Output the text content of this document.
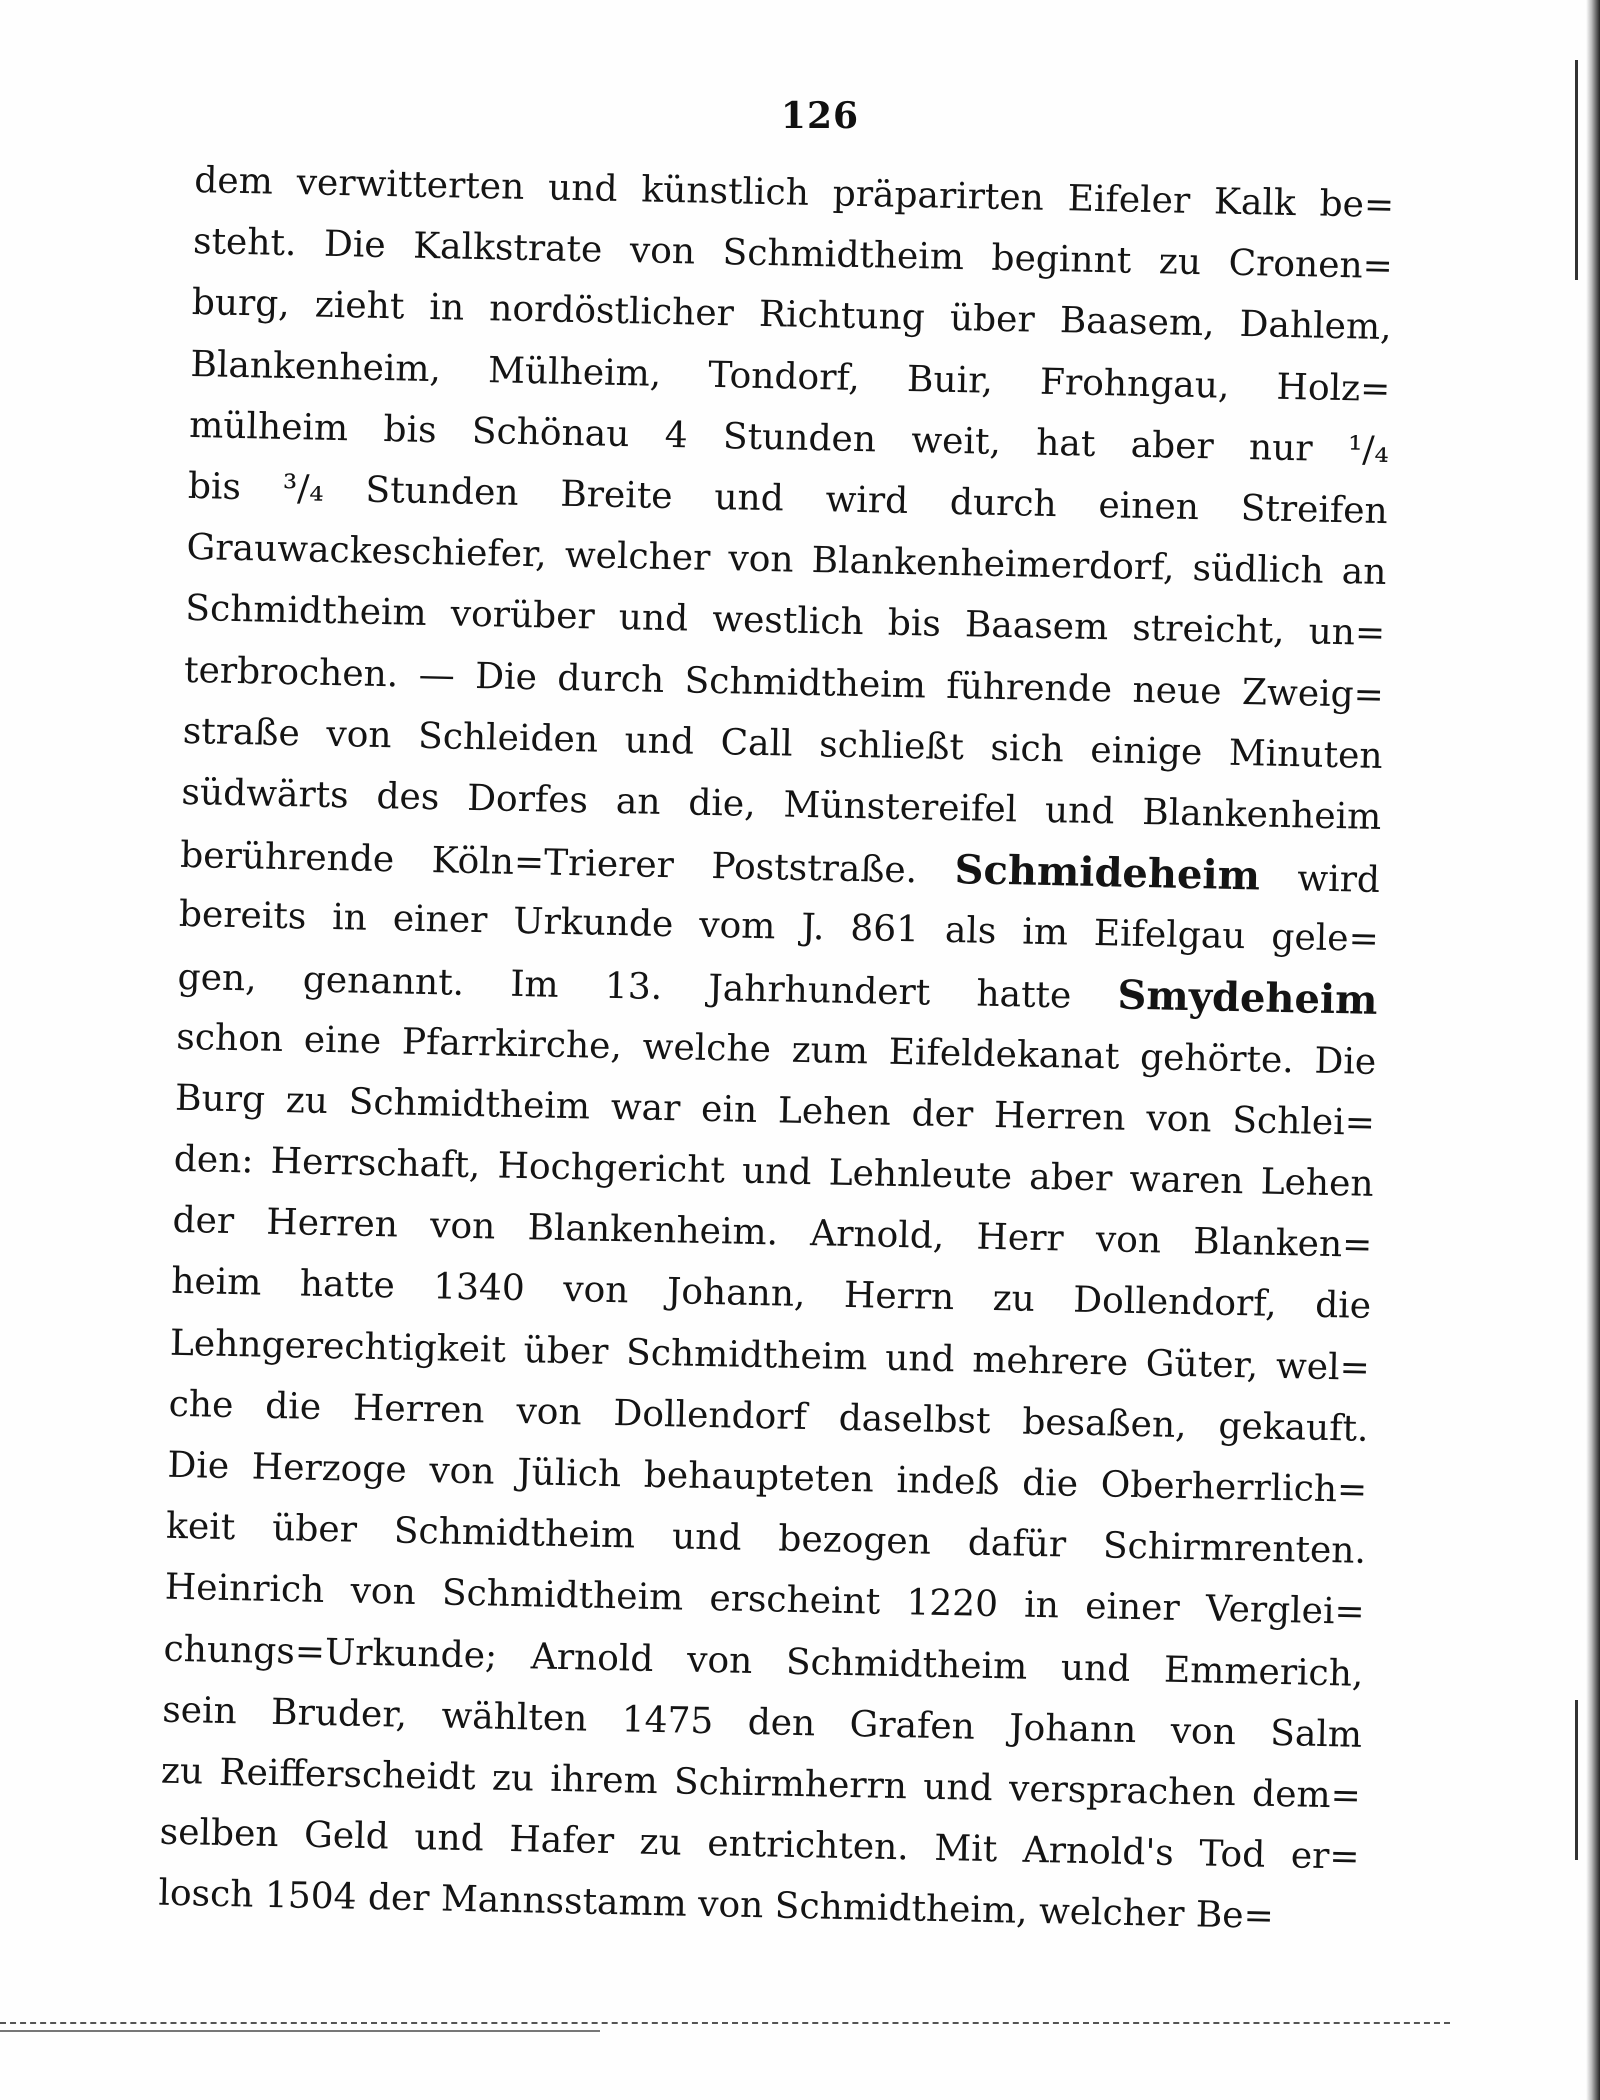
126
dem verwitterten und künstlich präparirten Eifeler Kalk be=
steht. Die Kalkstrate von Schmidtheim beginnt zu Cronen=
burg, zieht in nordöstlicher Richtung über Baasem, Dahlem,
Blankenheim, Mülheim, Tondorf, Buir, Frohngau, Holz=
mülheim bis Schönau 4 Stunden weit, hat aber nur ¹/₄
bis ³/₄ Stunden Breite und wird durch einen Streifen
Grauwackeschiefer, welcher von Blankenheimerdorf, südlich an
Schmidtheim vorüber und westlich bis Baasem streicht, un=
terbrochen. — Die durch Schmidtheim führende neue Zweig=
straße von Schleiden und Call schließt sich einige Minuten
südwärts des Dorfes an die, Münstereifel und Blankenheim
berührende Köln=Trierer Poststraße. Schmideheim wird
bereits in einer Urkunde vom J. 861 als im Eifelgau gele=
gen, genannt. Im 13. Jahrhundert hatte Smydeheim
schon eine Pfarrkirche, welche zum Eifeldekanat gehörte. Die
Burg zu Schmidtheim war ein Lehen der Herren von Schlei=
den: Herrschaft, Hochgericht und Lehnleute aber waren Lehen
der Herren von Blankenheim. Arnold, Herr von Blanken=
heim hatte 1340 von Johann, Herrn zu Dollendorf, die
Lehngerechtigkeit über Schmidtheim und mehrere Güter, wel=
che die Herren von Dollendorf daselbst besaßen, gekauft.
Die Herzoge von Jülich behaupteten indeß die Oberherrlich=
keit über Schmidtheim und bezogen dafür Schirmrenten.
Heinrich von Schmidtheim erscheint 1220 in einer Verglei=
chungs=Urkunde; Arnold von Schmidtheim und Emmerich,
sein Bruder, wählten 1475 den Grafen Johann von Salm
zu Reifferscheidt zu ihrem Schirmherrn und versprachen dem=
selben Geld und Hafer zu entrichten. Mit Arnold's Tod er=
losch 1504 der Mannsstamm von Schmidtheim, welcher Be=
